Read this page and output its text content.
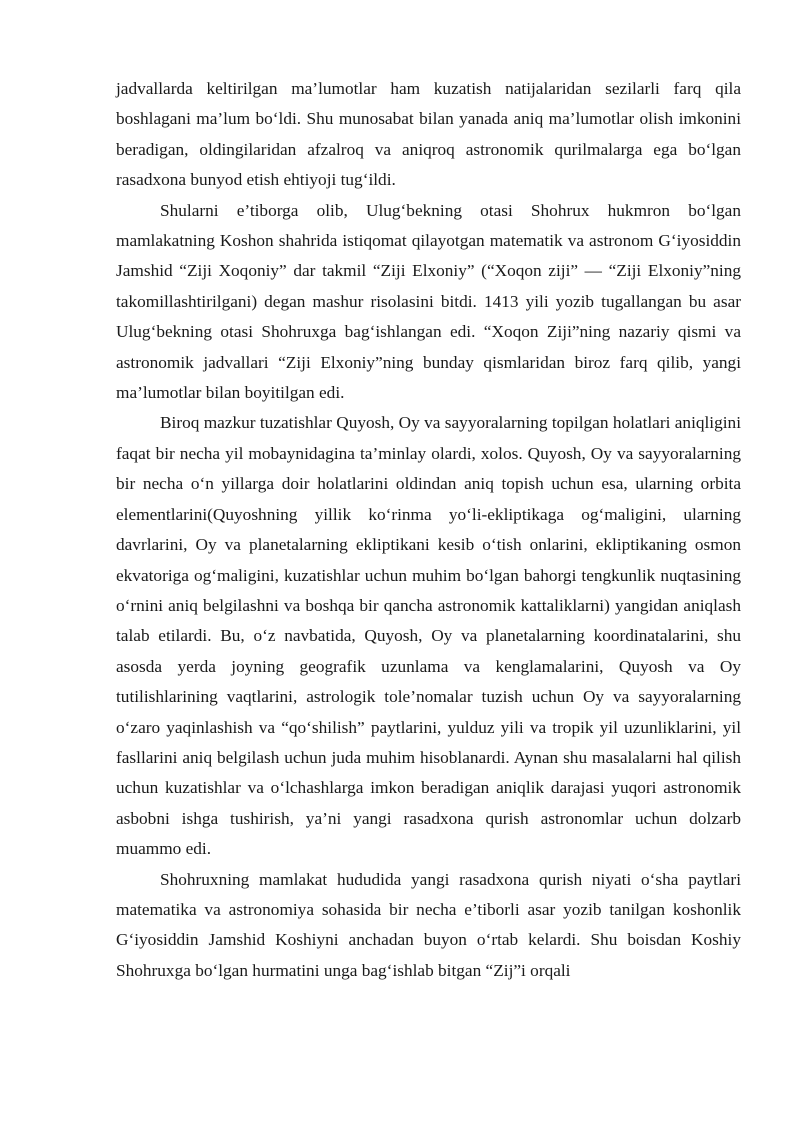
jadvallarda keltirilgan ma’lumotlar ham kuzatish natijalaridan sezilarli farq qila boshlagani ma’lum bo‘ldi. Shu munosabat bilan yanada aniq ma’lumotlar olish imkonini beradigan, oldingilaridan afzalroq va aniqroq astronomik qurilmalarga ega bo‘lgan rasadxona bunyod etish ehtiyoji tug‘ildi.

Shularni e’tiborga olib, Ulug‘bekning otasi Shohrux hukmron bo‘lgan mamlakatning Koshon shahrida istiqomat qilayotgan matematik va astronom G‘iyosiddin Jamshid “Ziji Xoqoniy” dar takmil “Ziji Elxoniy” (“Xoqon ziji” — “Ziji Elxoniy”ning takomillashtirilgani) degan mashur risolasini bitdi. 1413 yili yozib tugallangan bu asar Ulug‘bekning otasi Shohruxga bag‘ishlangan edi. “Xoqon Ziji”ning nazariy qismi va astronomik jadvallari “Ziji Elxoniy”ning bunday qismlaridan biroz farq qilib, yangi ma’lumotlar bilan boyitilgan edi.

Biroq mazkur tuzatishlar Quyosh, Oy va sayyoralarning topilgan holatlari aniqligini faqat bir necha yil mobaynidagina ta’minlay olardi, xolos. Quyosh, Oy va sayyoralarning bir necha o‘n yillarga doir holatlarini oldindan aniq topish uchun esa, ularning orbita elementlarini(Quyoshning yillik ko‘rinma yo‘li-ekliptikaga og‘maligini, ularning davrlarini, Oy va planetalarning ekliptikani kesib o‘tish onlarini, ekliptikaning osmon ekvatoriga og‘maligini, kuzatishlar uchun muhim bo‘lgan bahorgi tengkunlik nuqtasining o‘rnini aniq belgilashni va boshqa bir qancha astronomik kattaliklarni) yangidan aniqlash talab etilardi. Bu, o‘z navbatida, Quyosh, Oy va planetalarning koordinatalarini, shu asosda yerda joyning geografik uzunlama va kenglamalarini, Quyosh va Oy tutilishlarining vaqtlarini, astrologik tole’nomalar tuzish uchun Oy va sayyoralarning o‘zaro yaqinlashish va “qo‘shilish” paytlarini, yulduz yili va tropik yil uzunliklarini, yil fasllarini aniq belgilash uchun juda muhim hisoblanardi. Aynan shu masalalarni hal qilish uchun kuzatishlar va o‘lchashlarga imkon beradigan aniqlik darajasi yuqori astronomik asbobni ishga tushirish, ya’ni yangi rasadxona qurish astronomlar uchun dolzarb muammo edi.

Shohruxning mamlakat hududida yangi rasadxona qurish niyati o‘sha paytlari matematika va astronomiya sohasida bir necha e’tiborli asar yozib tanilgan koshonlik G‘iyosiddin Jamshid Koshiyni anchadan buyon o‘rtab kelardi. Shu boisdan Koshiy Shohruxga bo‘lgan hurmatini unga bag‘ishlab bitgan “Zij”i orqali
